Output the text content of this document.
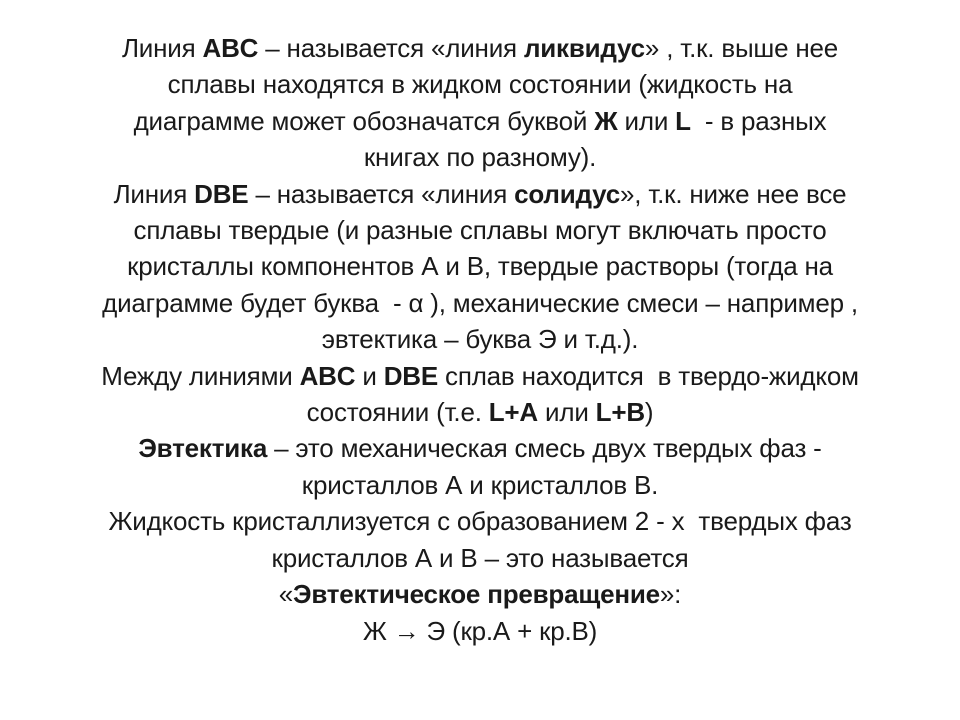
Линия ABC – называется «линия ликвидус» , т.к. выше нее
сплавы находятся в жидком состоянии (жидкость на
диаграмме может обозначатся буквой Ж или L  - в разных
книгах по разному).
Линия DBE – называется «линия солидус», т.к. ниже нее все
сплавы твердые (и разные сплавы могут включать просто
кристаллы компонентов А и В, твердые растворы (тогда на
диаграмме будет буква  - α ), механические смеси – например ,
эвтектика – буква Э и т.д.).
Между линиями ABC и DBE сплав находится  в твердо-жидком
состоянии (т.е. L+A или L+B)
Эвтектика – это механическая смесь двух твердых фаз -
кристаллов А и кристаллов В.
Жидкость кристаллизуется с образованием 2 - х  твердых фаз
кристаллов А и В – это называется
«Эвтектическое превращение»:
Ж → Э (кр.А + кр.В)
